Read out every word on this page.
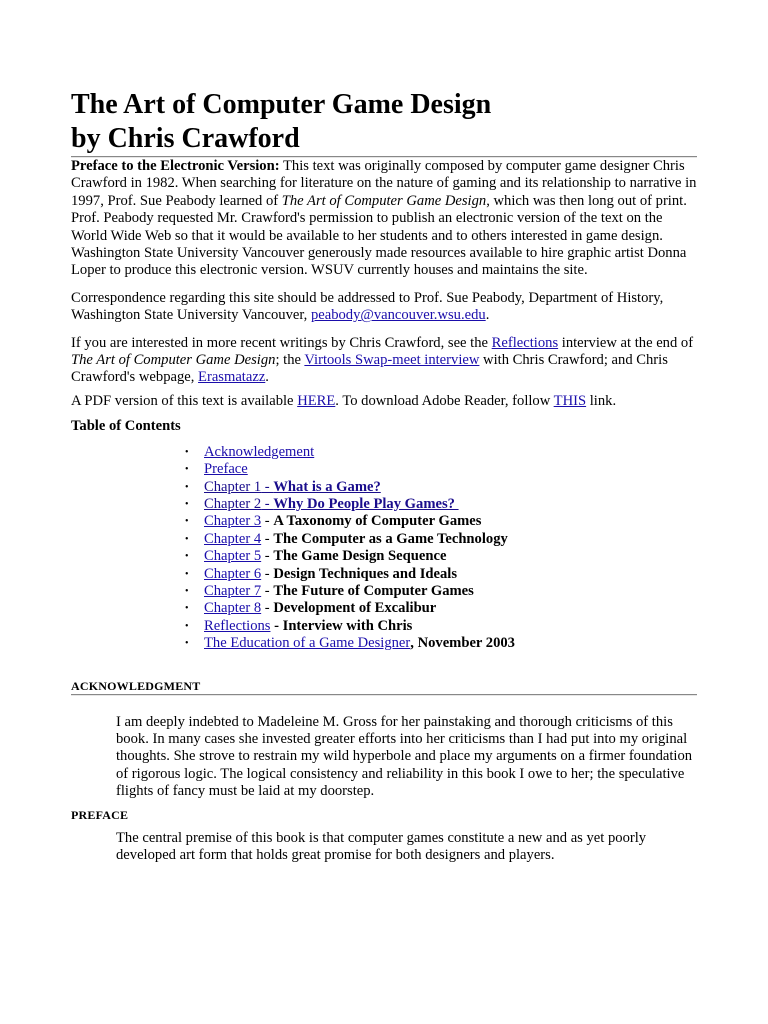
The Art of Computer Game Design
by Chris Crawford

Preface to the Electronic Version: This text was originally composed by computer game designer Chris Crawford in 1982. When searching for literature on the nature of gaming and its relationship to narrative in 1997, Prof. Sue Peabody learned of The Art of Computer Game Design, which was then long out of print. Prof. Peabody requested Mr. Crawford's permission to publish an electronic version of the text on the World Wide Web so that it would be available to her students and to others interested in game design. Washington State University Vancouver generously made resources available to hire graphic artist Donna Loper to produce this electronic version. WSUV currently houses and maintains the site.

Correspondence regarding this site should be addressed to Prof. Sue Peabody, Department of History, Washington State University Vancouver, peabody@vancouver.wsu.edu.

If you are interested in more recent writings by Chris Crawford, see the Reflections interview at the end of The Art of Computer Game Design; the Virtools Swap-meet interview with Chris Crawford; and Chris Crawford's webpage, Erasmatazz.

A PDF version of this text is available HERE. To download Adobe Reader, follow THIS link.

Table of Contents
• Acknowledgement
• Preface
• Chapter 1 - What is a Game?
• Chapter 2 - Why Do People Play Games?
• Chapter 3 - A Taxonomy of Computer Games
• Chapter 4 - The Computer as a Game Technology
• Chapter 5 - The Game Design Sequence
• Chapter 6 - Design Techniques and Ideals
• Chapter 7 - The Future of Computer Games
• Chapter 8 - Development of Excalibur
• Reflections - Interview with Chris
• The Education of a Game Designer, November 2003
ACKNOWLEDGMENT

I am deeply indebted to Madeleine M. Gross for her painstaking and thorough criticisms of this book. In many cases she invested greater efforts into her criticisms than I had put into my original thoughts. She strove to restrain my wild hyperbole and place my arguments on a firmer foundation of rigorous logic. The logical consistency and reliability in this book I owe to her; the speculative flights of fancy must be laid at my doorstep.

PREFACE

The central premise of this book is that computer games constitute a new and as yet poorly developed art form that holds great promise for both designers and players.
